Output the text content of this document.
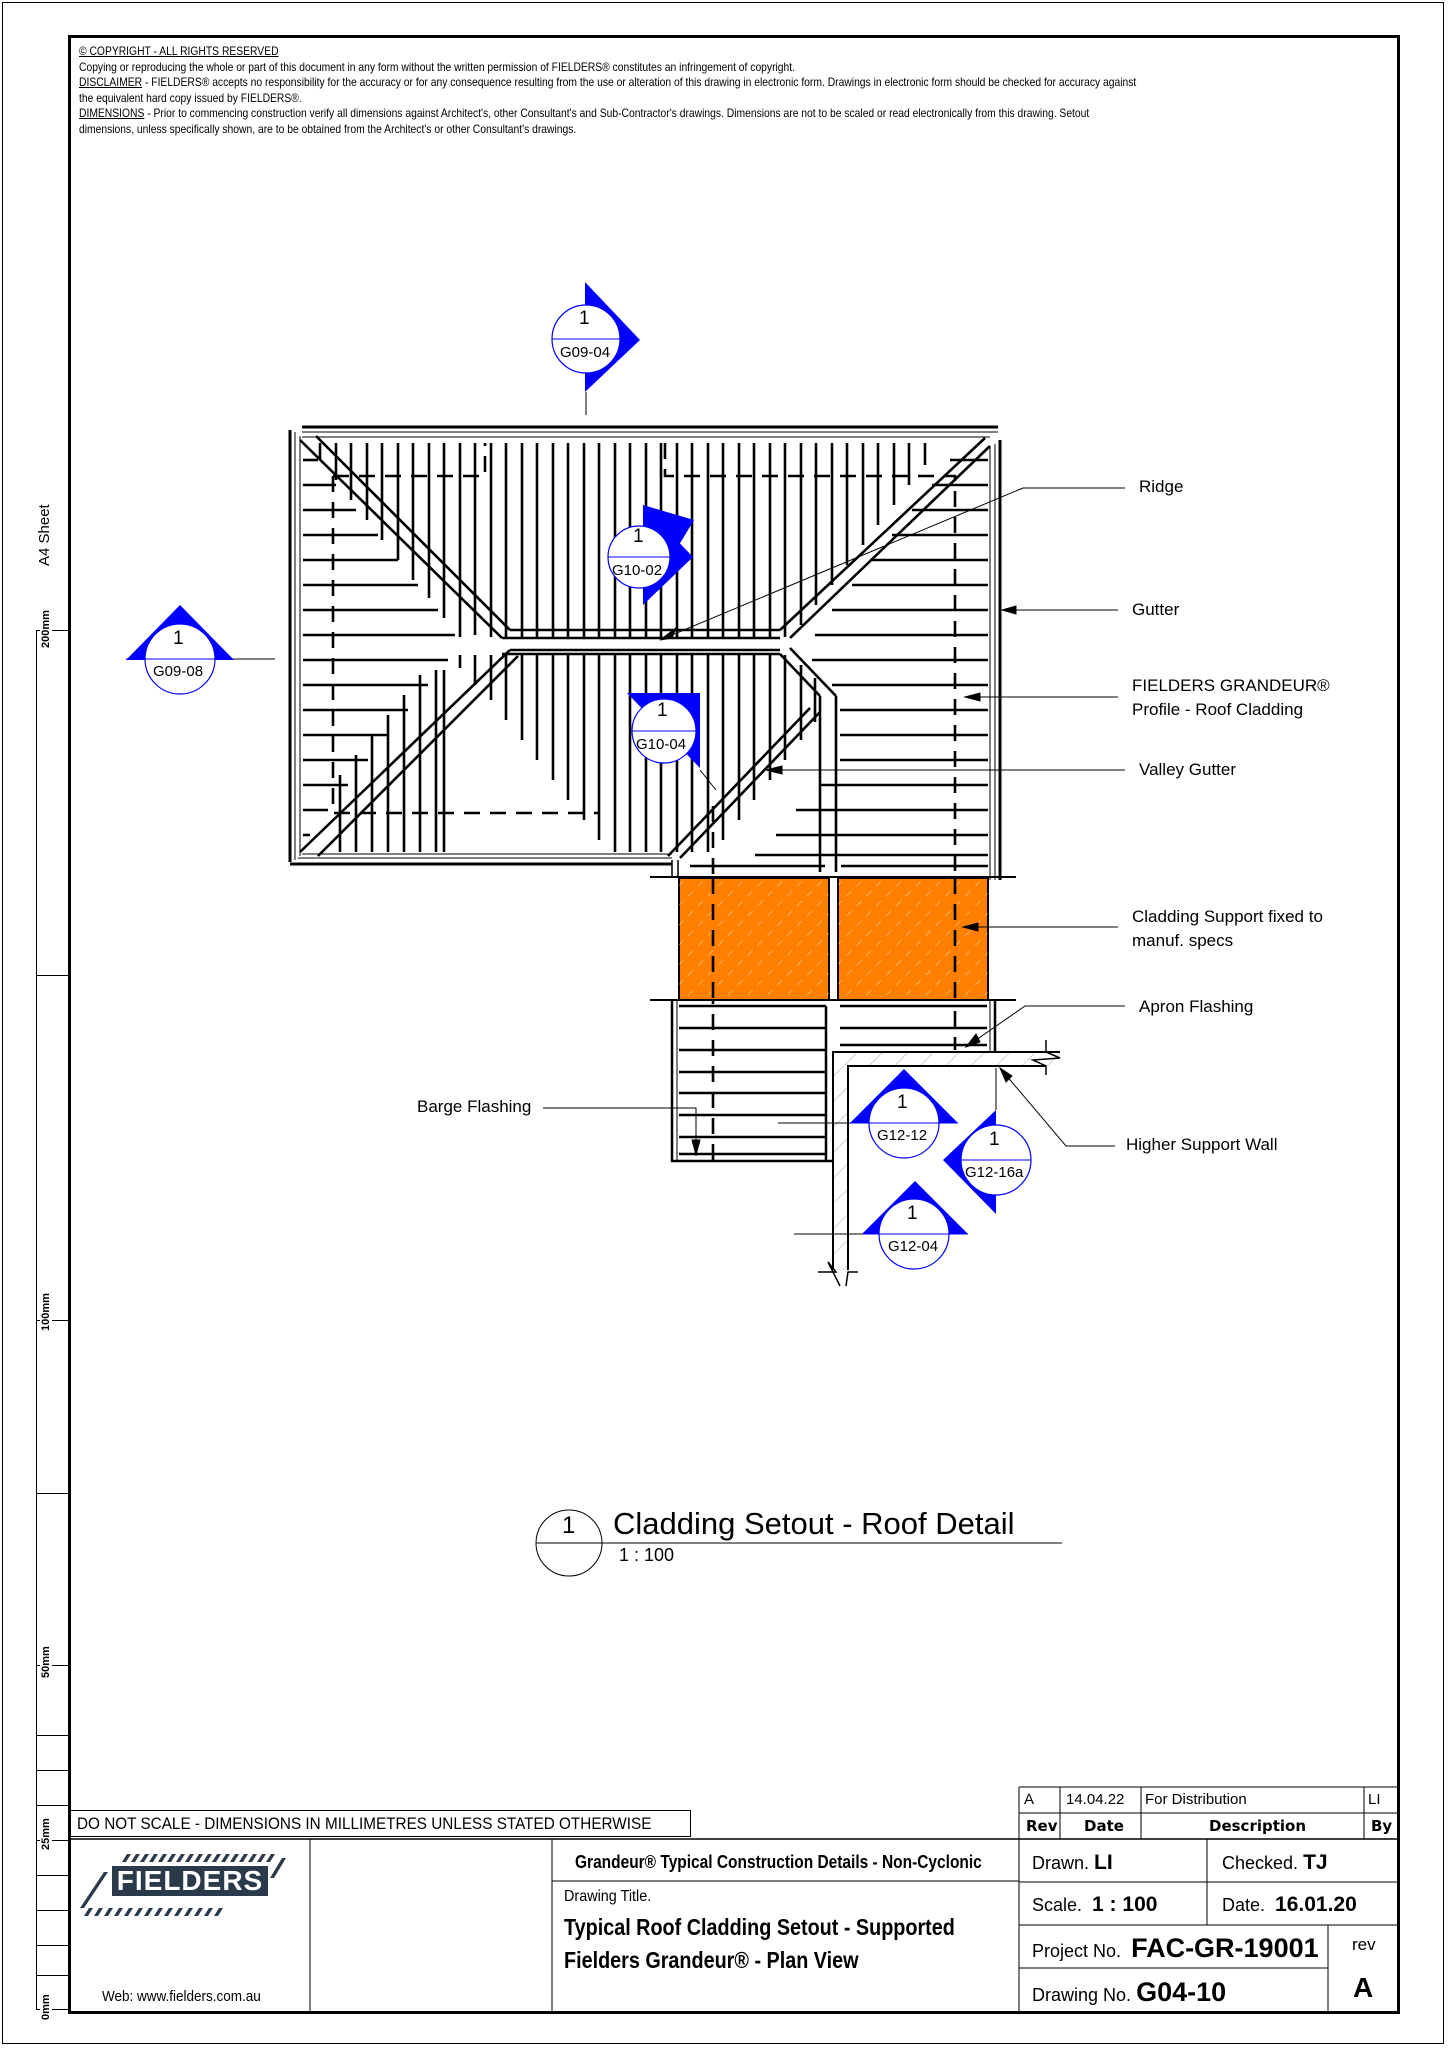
A4 Sheet
200mm
100mm
50mm
25mm
0mm
© COPYRIGHT - ALL RIGHTS RESERVED
Copying or reproducing the whole or part of this document in any form without the written permission of FIELDERS® constitutes an infringement of copyright.
DISCLAIMER - FIELDERS® accepts no responsibility for the accuracy or for any consequence resulting from the use or alteration of this drawing in electronic form. Drawings in electronic form should be checked for accuracy against
the equivalent hard copy issued by FIELDERS®.
DIMENSIONS - Prior to commencing construction verify all dimensions against Architect's, other Consultant's and Sub-Contractor's drawings. Dimensions are not to be scaled or read electronically from this drawing. Setout
dimensions, unless specifically shown, are to be obtained from the Architect's or other Consultant's drawings.
1
G09-04
1
G10-02
1
G09-08
1
G10-04
1
G12-12	1
G12-16a
1
G12-04
Ridge
Gutter
FIELDERS GRANDEUR®
Profile - Roof Cladding
Valley Gutter
Cladding Support fixed to
manuf. specs
Apron Flashing
Barge Flashing
Higher Support Wall
1 Cladding Setout - Roof Detail
1 : 100
DO NOT SCALE - DIMENSIONS IN MILLIMETRES UNLESS STATED OTHERWISE
FIELDERS
Web: www.fielders.com.au
Grandeur® Typical Construction Details - Non-Cyclonic
Drawing Title.
Typical Roof Cladding Setout - Supported
Fielders Grandeur® - Plan View
A 14.04.22 For Distribution	LI
Rev Date	Description	By
Drawn. LI	Checked. TJ
Scale. 1 : 100	Date. 16.01.20
Project No. FAC-GR-19001 rev
Drawing No. G04-10	A
